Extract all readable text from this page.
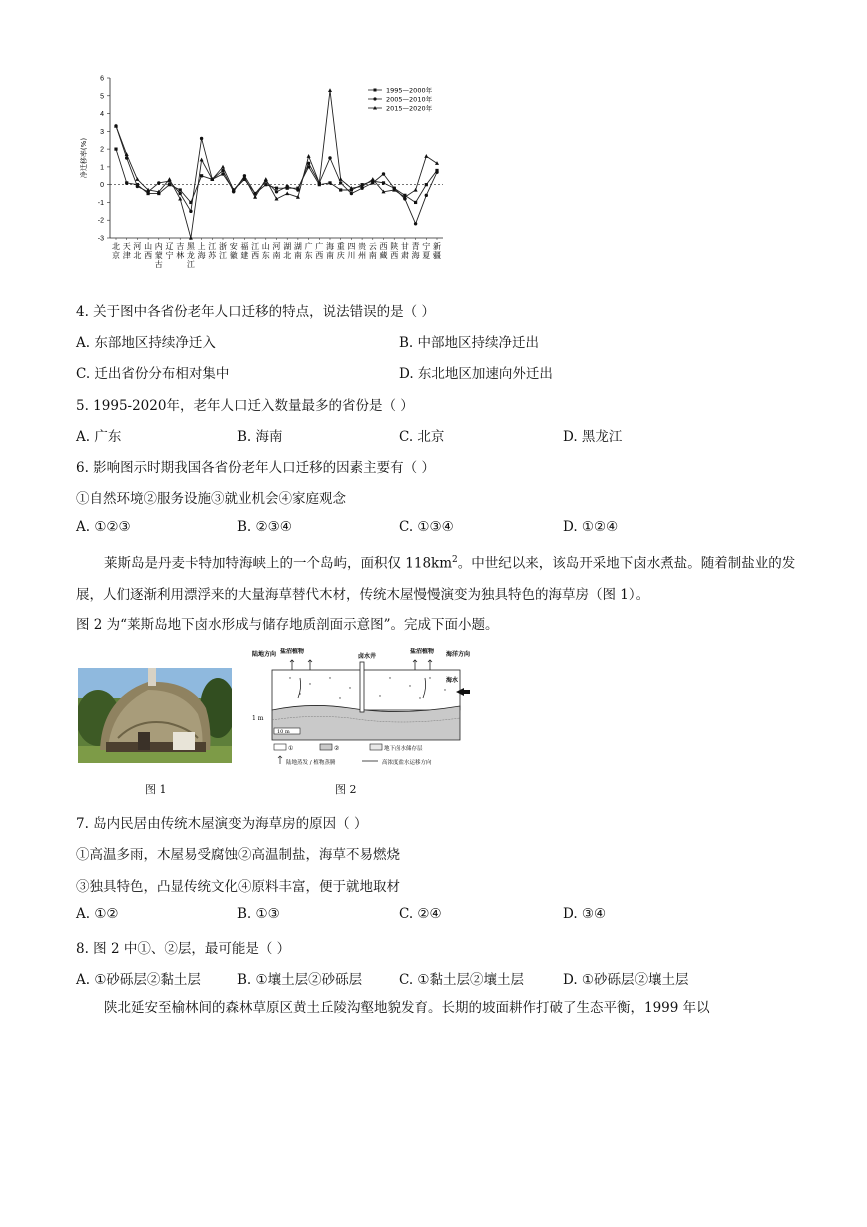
-3
-2
-1
0
1
2
3
4
5
6
净迁移率(%)
北京
天津
河北
山西
内蒙古
辽宁
吉林
黑龙江
上海
江苏
浙江
安徽
福建
江西
山东
河南
湖北
湖南
广东
广西
海南
重庆
四川
贵州
云南
西藏
陕西
甘肃
青海
宁夏
新疆
1995—2000年
2005—2010年
2015—2020年
4. 关于图中各省份老年人口迁移的特点，说法错误的是（ ）
A. 东部地区持续净迁入	B. 中部地区持续净迁出
C. 迁出省份分布相对集中	D. 东北地区加速向外迁出
5. 1995-2020年，老年人口迁入数量最多的省份是（ ）
A. 广东	B. 海南	C. 北京	D. 黑龙江
6. 影响图示时期我国各省份老年人口迁移的因素主要有（ ）
①自然环境②服务设施③就业机会④家庭观念
A. ①②③	B. ②③④	C. ①③④	D. ①②④
莱斯岛是丹麦卡特加特海峡上的一个岛屿，面积仅 $118km^2$。中世纪以来，该岛开采地下卤水煮盐。随着制盐业的发展，人们逐渐利用漂浮来的大量海草替代木材，传统木屋慢慢演变为独具特色的海草房（图 1）。
图 2 为“莱斯岛地下卤水形成与储存地质剖面示意图”。完成下面小题。
图 1
陆地方向 盐沼植物
卤水井
盐沼植物 海洋方向
海水
1 m
10 m
①	②	地下卤水储存层
陆地蒸发 / 植物蒸腾	高浓度盐水运移方向
图 2
7. 岛内民居由传统木屋演变为海草房的原因（ ）
①高温多雨，木屋易受腐蚀②高温制盐，海草不易燃烧
③独具特色，凸显传统文化④原料丰富，便于就地取材
A. ①②	B. ①③	C. ②④	D. ③④
8. 图 2 中①、②层，最可能是（ ）
A. ①砂砾层②黏土层	B. ①壤土层②砂砾层	C. ①黏土层②壤土层	D. ①砂砾层②壤土层
陕北延安至榆林间的森林草原区黄土丘陵沟壑地貌发育。长期的坡面耕作打破了生态平衡，1999 年以
